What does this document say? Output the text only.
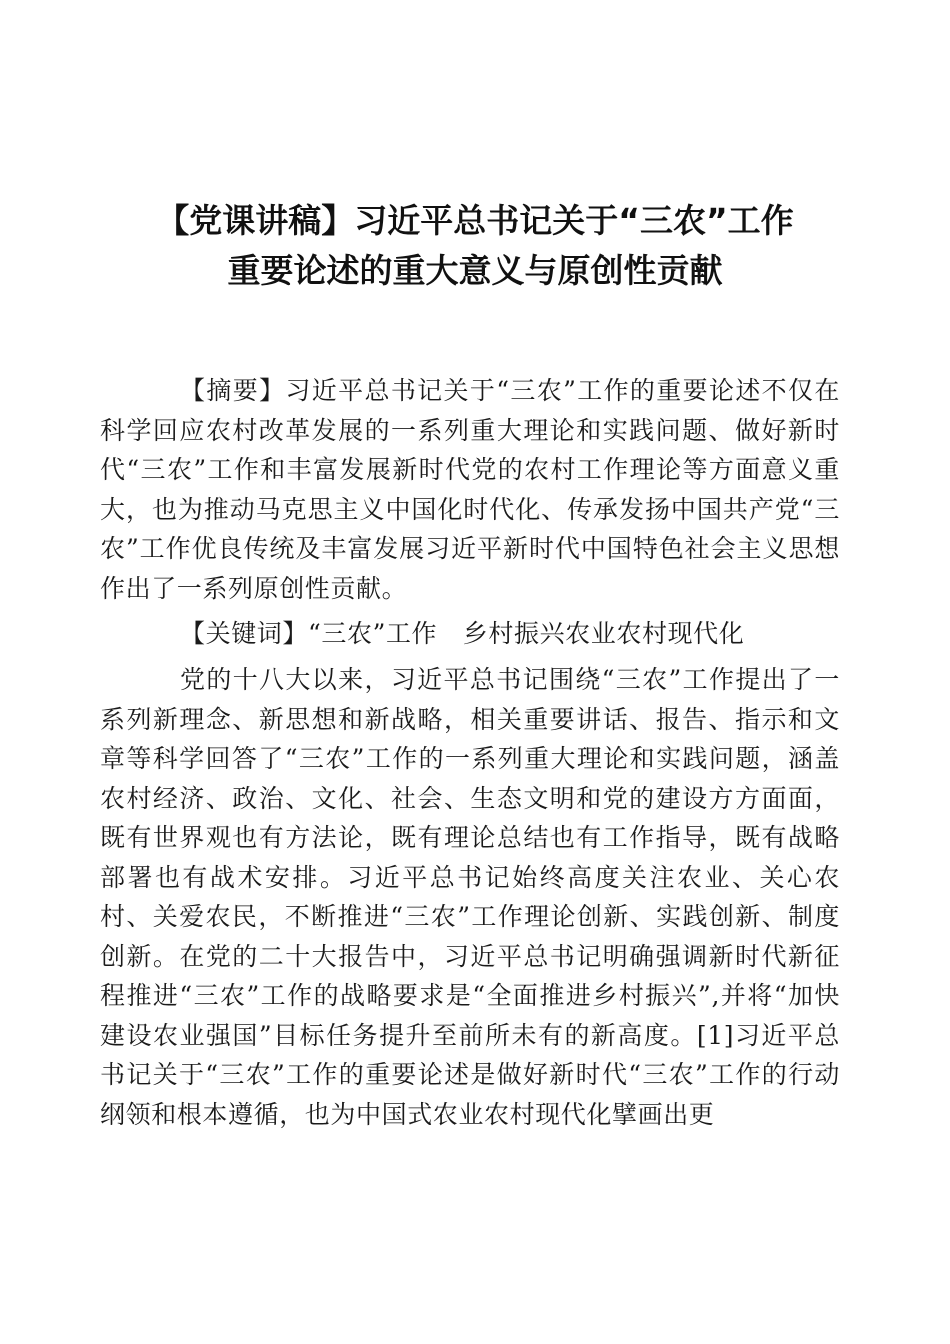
【党课讲稿】习近平总书记关于“三农”工作
重要论述的重大意义与原创性贡献

【摘要】习近平总书记关于“三农”工作的重要论述不仅在科学回应农村改革发展的一系列重大理论和实践问题、做好新时代“三农”工作和丰富发展新时代党的农村工作理论等方面意义重大，也为推动马克思主义中国化时代化、传承发扬中国共产党“三农”工作优良传统及丰富发展习近平新时代中国特色社会主义思想作出了一系列原创性贡献。

【关键词】“三农”工作　乡村振兴农业农村现代化

党的十八大以来，习近平总书记围绕“三农”工作提出了一系列新理念、新思想和新战略，相关重要讲话、报告、指示和文章等科学回答了“三农”工作的一系列重大理论和实践问题，涵盖农村经济、政治、文化、社会、生态文明和党的建设方方面面，既有世界观也有方法论，既有理论总结也有工作指导，既有战略部署也有战术安排。习近平总书记始终高度关注农业、关心农村、关爱农民，不断推进“三农”工作理论创新、实践创新、制度创新。在党的二十大报告中，习近平总书记明确强调新时代新征程推进“三农”工作的战略要求是“全面推进乡村振兴”,并将“加快建设农业强国”目标任务提升至前所未有的新高度。[1]习近平总书记关于“三农”工作的重要论述是做好新时代“三农”工作的行动纲领和根本遵循，也为中国式农业农村现代化擘画出更
